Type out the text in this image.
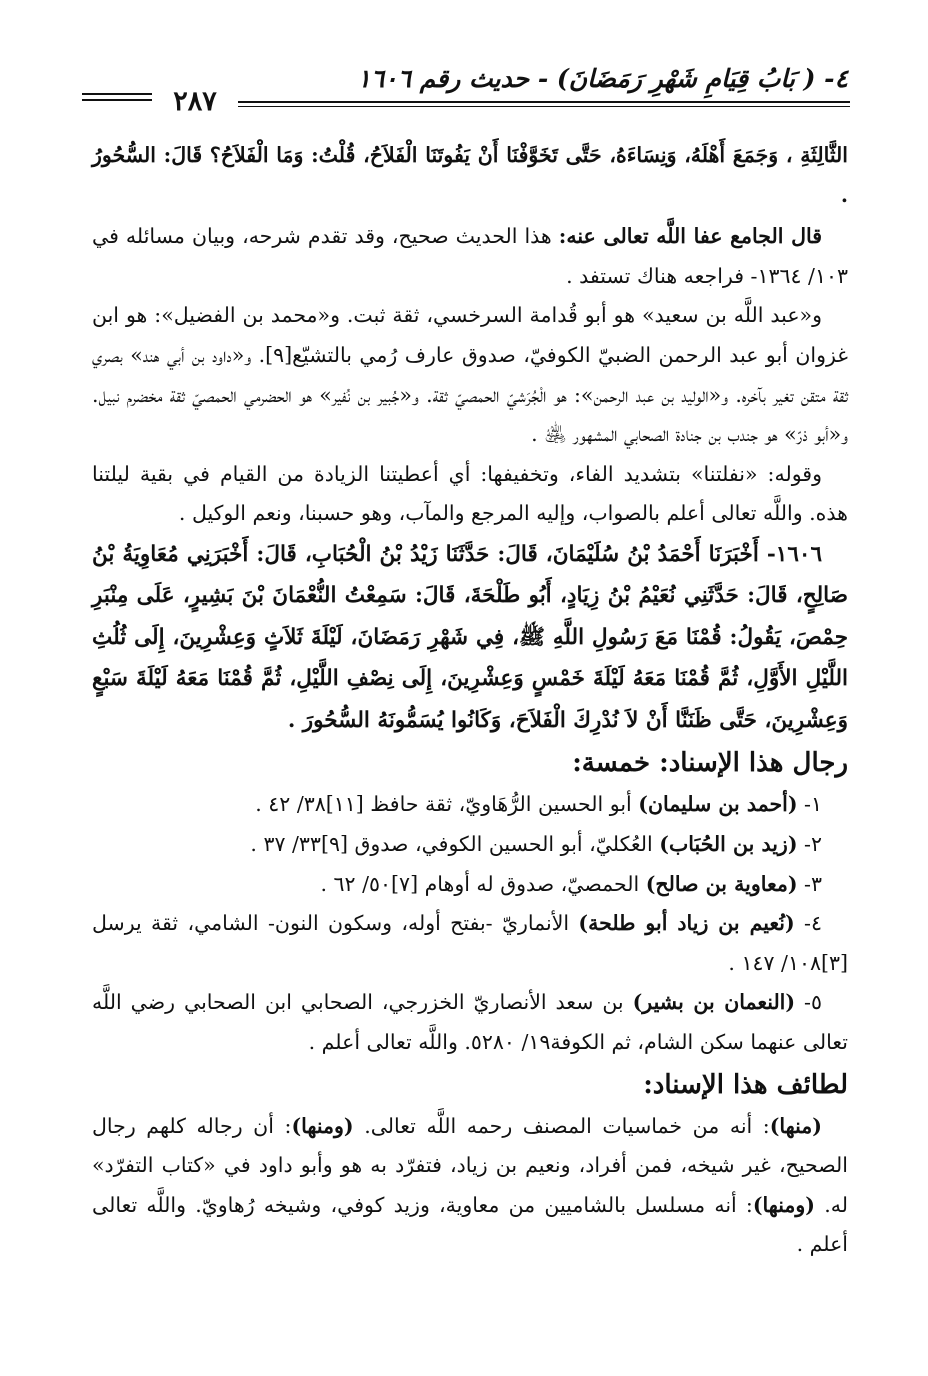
٤- ( بَابُ قِيَامِ شَهْرِ رَمَضَانَ) - حديث رقم ١٦٠٦
٢٨٧

الثَّالِثَةِ ، وَجَمَعَ أَهْلَهُ، وَنِسَاءَهُ، حَتَّى تَخَوَّفْنَا أَنْ يَفُوتَنَا الْفَلاَحُ، قُلْتُ: وَمَا الْفَلاَحُ؟ قَالَ: السُّحُورُ .

قال الجامع عفا اللَّه تعالى عنه: هذا الحديث صحيح، وقد تقدم شرحه، وبيان مسائله في ١٠٣/ ١٣٦٤- فراجعه هناك تستفد .

و«عبد اللَّه بن سعيد» هو أبو قُدامة السرخسي، ثقة ثبت. و«محمد بن الفضيل»: هو ابن غزوان أبو عبد الرحمن الضبيّ الكوفيّ، صدوق عارف رُمي بالتشيّع[٩]. و«داود بن أبي هند» بصري ثقة متقن تغير بآخره. و«الوليد بن عبد الرحمن»: هو الْجُرَشيّ الحمصيّ ثقة. و«جُبير بن نُفير» هو الحضرمي الحمصيّ ثقة مخضرم نبيل. و«أبو ذرّ» هو جندب بن جنادة الصحابي المشهور ﵁ .

وقوله: «نفلتنا» بتشديد الفاء، وتخفيفها: أي أعطيتنا الزيادة من القيام في بقية ليلتنا هذه. واللَّه تعالى أعلم بالصواب، وإليه المرجع والمآب، وهو حسبنا، ونعم الوكيل .

١٦٠٦- أَخْبَرَنَا أَحْمَدُ بْنُ سُلَيْمَانَ، قَالَ: حَدَّثَنَا زَيْدُ بْنُ الْحُبَابِ، قَالَ: أَخْبَرَنِي مُعَاوِيَةُ بْنُ صَالِحٍ، قَالَ: حَدَّثَنِي نُعَيْمُ بْنُ زِيَادٍ، أَبُو طَلْحَةَ، قَالَ: سَمِعْتُ النُّعْمَانَ بْنَ بَشِيرٍ، عَلَى مِنْبَرِ حِمْصَ، يَقُولُ: قُمْنَا مَعَ رَسُولِ اللَّهِ ﷺ، فِي شَهْرِ رَمَضَانَ، لَيْلَةَ ثَلاَثٍ وَعِشْرِينَ، إِلَى ثُلُثِ اللَّيْلِ الأَوَّلِ، ثُمَّ قُمْنَا مَعَهُ لَيْلَةَ خَمْسٍ وَعِشْرِينَ، إِلَى نِصْفِ اللَّيْلِ، ثُمَّ قُمْنَا مَعَهُ لَيْلَةَ سَبْعٍ وَعِشْرِينَ، حَتَّى ظَنَنَّا أَنْ لاَ نُدْرِكَ الْفَلاَحَ، وَكَانُوا يُسَمُّونَهُ السُّحُورَ .

رجال هذا الإسناد: خمسة:

١- (أحمد بن سليمان) أبو الحسين الرُّهَاويّ، ثقة حافظ [١١]٣٨/ ٤٢ .

٢- (زيد بن الحُبَاب) العُكليّ، أبو الحسين الكوفي، صدوق [٩]٣٣/ ٣٧ .

٣- (معاوية بن صالح) الحمصيّ، صدوق له أوهام [٧]٥٠/ ٦٢ .

٤- (نُعيم بن زياد أبو طلحة) الأنماريّ -بفتح أوله، وسكون النون- الشامي، ثقة يرسل [٣]١٠٨/ ١٤٧ .

٥- (النعمان بن بشير) بن سعد الأنصاريّ الخزرجي، الصحابي ابن الصحابي رضي اللَّه تعالى عنهما سكن الشام، ثم الكوفة١٩/ ٥٢٨٠. واللَّه تعالى أعلم .

لطائف هذا الإسناد:

(منها): أنه من خماسيات المصنف رحمه اللَّه تعالى. (ومنها): أن رجاله كلهم رجال الصحيح، غير شيخه، فمن أفراد، ونعيم بن زياد، فتفرّد به هو وأبو داود في «كتاب التفرّد» له. (ومنها): أنه مسلسل بالشاميين من معاوية، وزيد كوفي، وشيخه رُهاويّ. واللَّه تعالى أعلم .
